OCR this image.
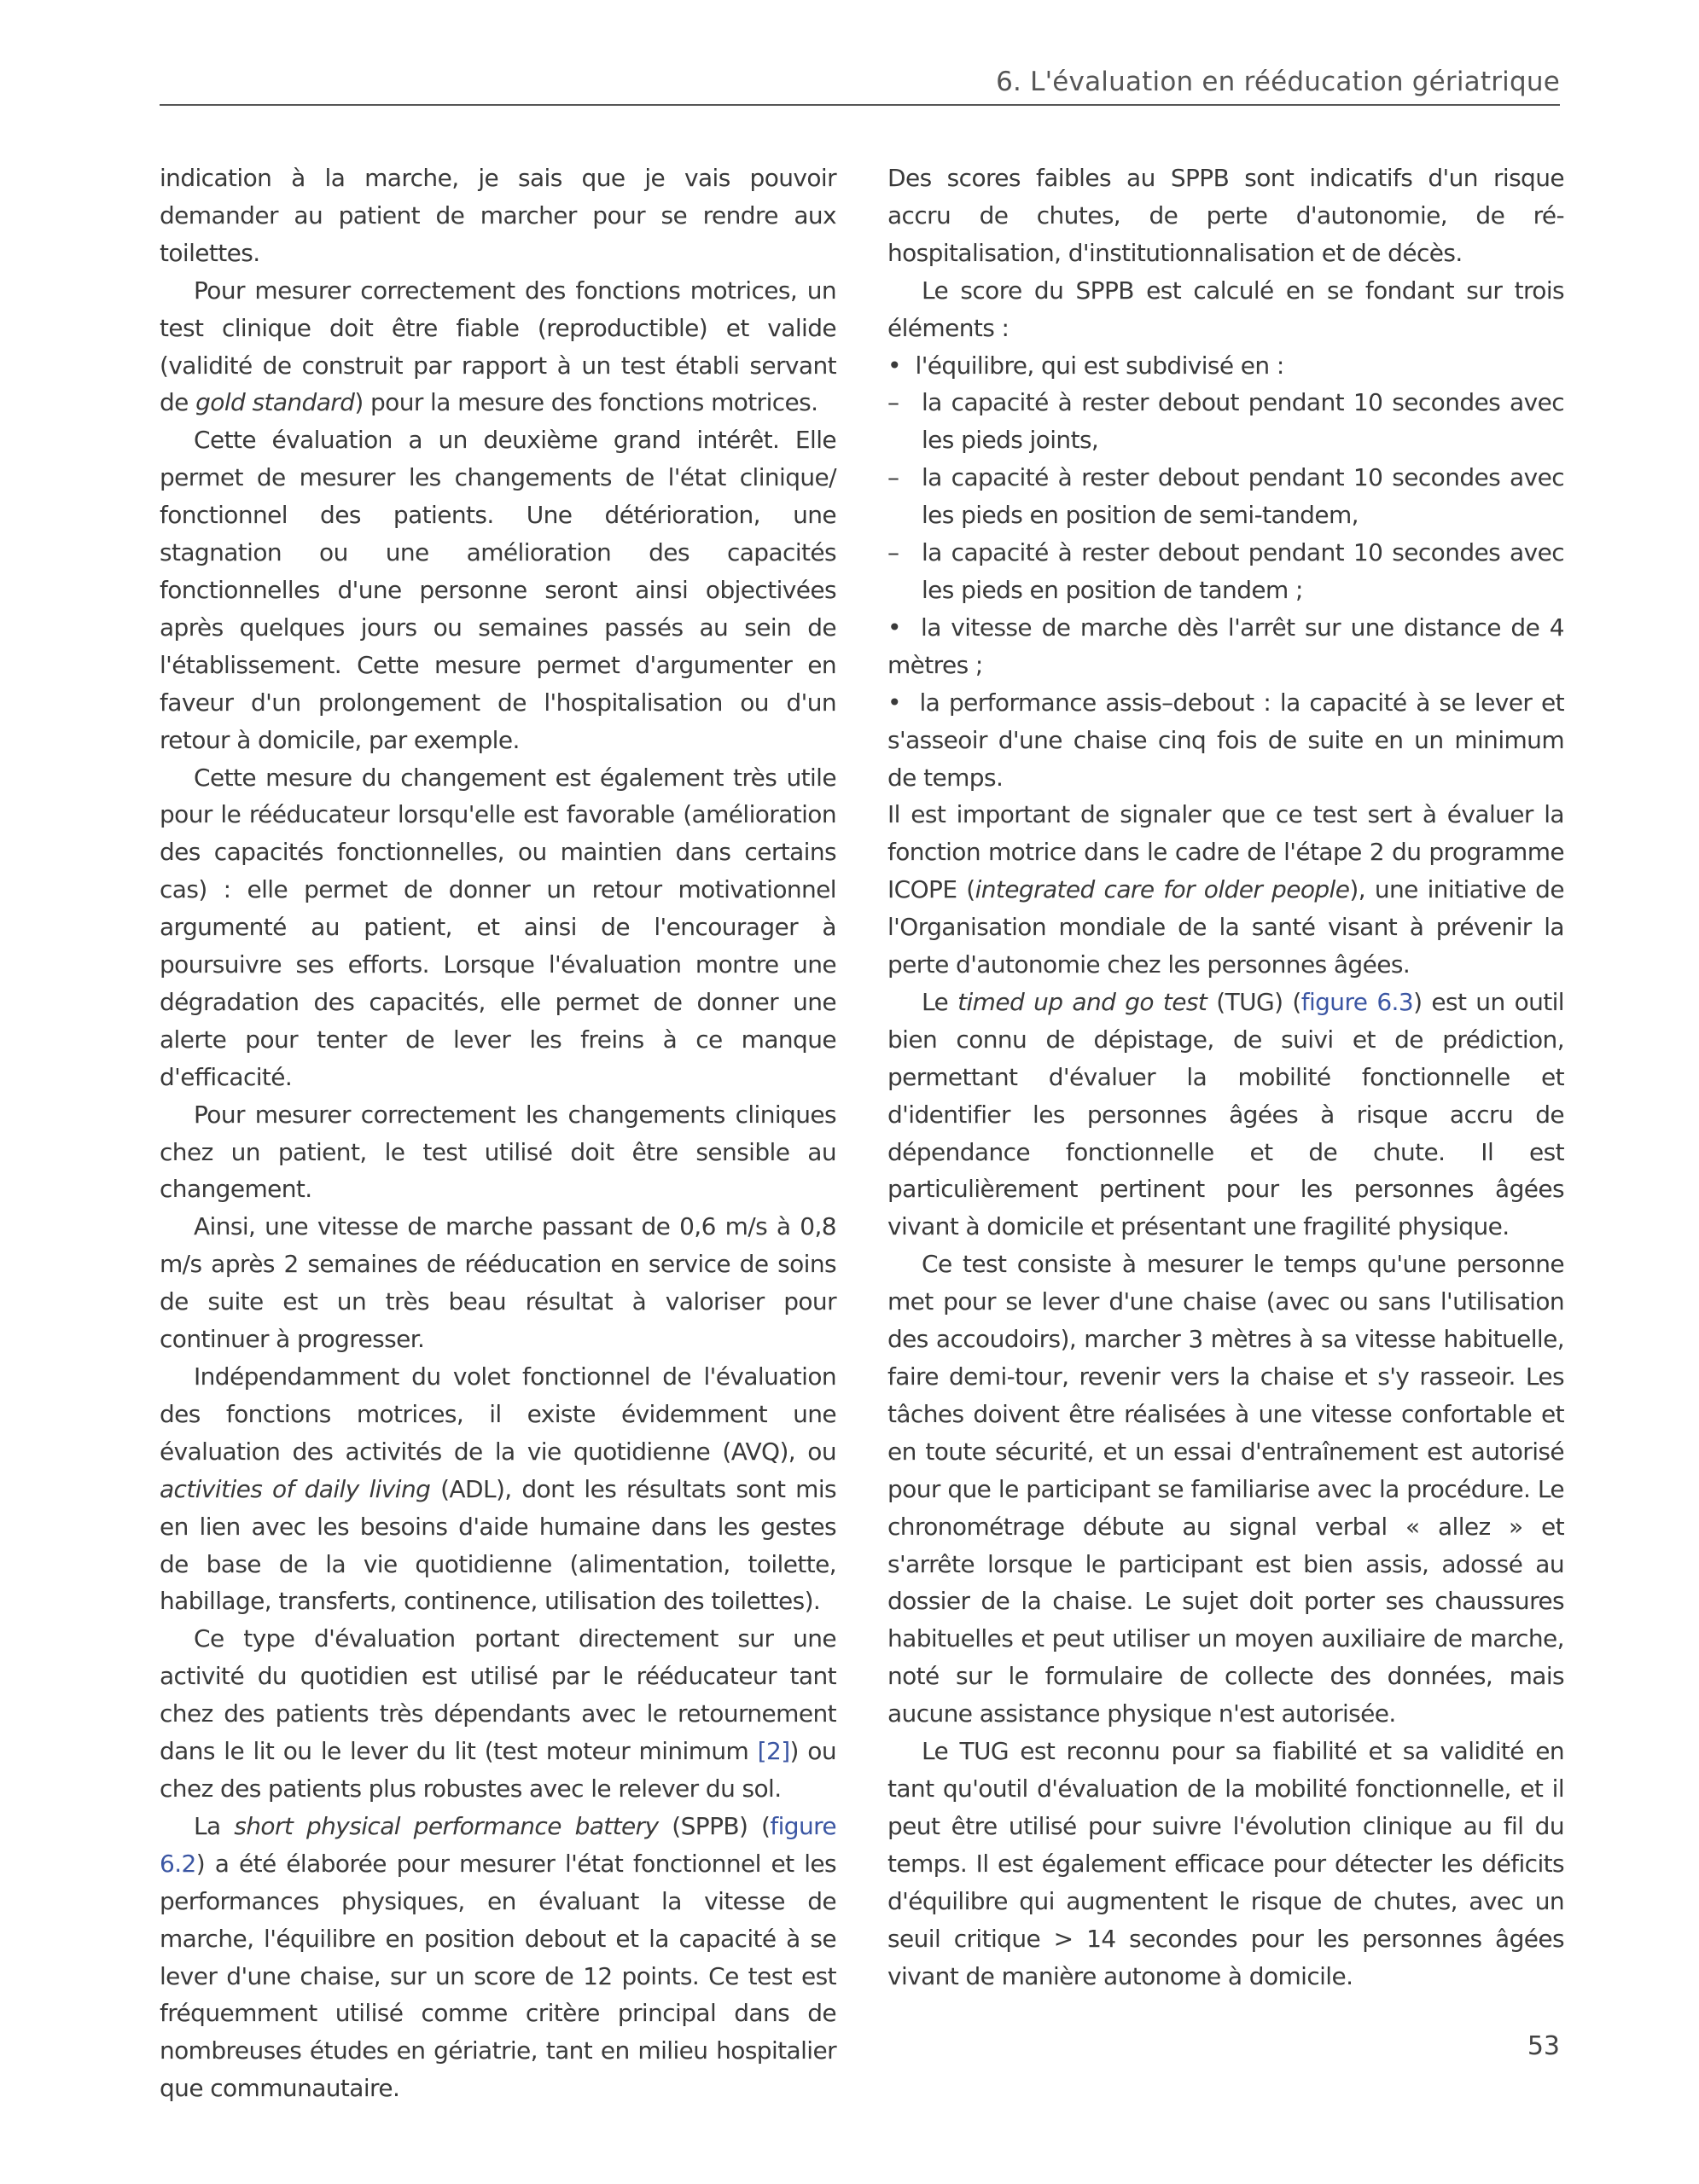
6. L'évaluation en rééducation gériatrique

indication à la marche, je sais que je vais pouvoir demander au patient de marcher pour se rendre aux toilettes.

Pour mesurer correctement des fonctions motrices, un test clinique doit être fiable (reproductible) et valide (validité de construit par rapport à un test établi servant de gold standard) pour la mesure des fonctions motrices.

Cette évaluation a un deuxième grand intérêt. Elle permet de mesurer les changements de l'état clinique/ fonctionnel des patients. Une détérioration, une stagnation ou une amélioration des capacités fonctionnelles d'une personne seront ainsi objectivées après quelques jours ou semaines passés au sein de l'établissement. Cette mesure permet d'argumenter en faveur d'un prolongement de l'hospitalisation ou d'un retour à domicile, par exemple.

Cette mesure du changement est également très utile pour le rééducateur lorsqu'elle est favorable (amélioration des capacités fonctionnelles, ou maintien dans certains cas) : elle permet de donner un retour motivationnel argumenté au patient, et ainsi de l'encourager à poursuivre ses efforts. Lorsque l'évaluation montre une dégradation des capacités, elle permet de donner une alerte pour tenter de lever les freins à ce manque d'efficacité.

Pour mesurer correctement les changements cliniques chez un patient, le test utilisé doit être sensible au changement.

Ainsi, une vitesse de marche passant de 0,6 m/s à 0,8 m/s après 2 semaines de rééducation en service de soins de suite est un très beau résultat à valoriser pour continuer à progresser.

Indépendamment du volet fonctionnel de l'évaluation des fonctions motrices, il existe évidemment une évaluation des activités de la vie quotidienne (AVQ), ou activities of daily living (ADL), dont les résultats sont mis en lien avec les besoins d'aide humaine dans les gestes de base de la vie quotidienne (alimentation, toilette, habillage, transferts, continence, utilisation des toilettes).

Ce type d'évaluation portant directement sur une activité du quotidien est utilisé par le rééducateur tant chez des patients très dépendants avec le retournement dans le lit ou le lever du lit (test moteur minimum [2]) ou chez des patients plus robustes avec le relever du sol.

La short physical performance battery (SPPB) (figure 6.2) a été élaborée pour mesurer l'état fonctionnel et les performances physiques, en évaluant la vitesse de marche, l'équilibre en position debout et la capacité à se lever d'une chaise, sur un score de 12 points. Ce test est fréquemment utilisé comme critère principal dans de nombreuses études en gériatrie, tant en milieu hospitalier que communautaire.

Des scores faibles au SPPB sont indicatifs d'un risque accru de chutes, de perte d'autonomie, de ré-hospitalisation, d'institutionnalisation et de décès.

Le score du SPPB est calculé en se fondant sur trois éléments :

• l'équilibre, qui est subdivisé en :

– la capacité à rester debout pendant 10 secondes avec les pieds joints,

– la capacité à rester debout pendant 10 secondes avec les pieds en position de semi-tandem,

– la capacité à rester debout pendant 10 secondes avec les pieds en position de tandem ;

• la vitesse de marche dès l'arrêt sur une distance de 4 mètres ;

• la performance assis–debout : la capacité à se lever et s'asseoir d'une chaise cinq fois de suite en un minimum de temps.

Il est important de signaler que ce test sert à évaluer la fonction motrice dans le cadre de l'étape 2 du programme ICOPE (integrated care for older people), une initiative de l'Organisation mondiale de la santé visant à prévenir la perte d'autonomie chez les personnes âgées.

Le timed up and go test (TUG) (figure 6.3) est un outil bien connu de dépistage, de suivi et de prédiction, permettant d'évaluer la mobilité fonctionnelle et d'identifier les personnes âgées à risque accru de dépendance fonctionnelle et de chute. Il est particulièrement pertinent pour les personnes âgées vivant à domicile et présentant une fragilité physique.

Ce test consiste à mesurer le temps qu'une personne met pour se lever d'une chaise (avec ou sans l'utilisation des accoudoirs), marcher 3 mètres à sa vitesse habituelle, faire demi-tour, revenir vers la chaise et s'y rasseoir. Les tâches doivent être réalisées à une vitesse confortable et en toute sécurité, et un essai d'entraînement est autorisé pour que le participant se familiarise avec la procédure. Le chronométrage débute au signal verbal « allez » et s'arrête lorsque le participant est bien assis, adossé au dossier de la chaise. Le sujet doit porter ses chaussures habituelles et peut utiliser un moyen auxiliaire de marche, noté sur le formulaire de collecte des données, mais aucune assistance physique n'est autorisée.

Le TUG est reconnu pour sa fiabilité et sa validité en tant qu'outil d'évaluation de la mobilité fonctionnelle, et il peut être utilisé pour suivre l'évolution clinique au fil du temps. Il est également efficace pour détecter les déficits d'équilibre qui augmentent le risque de chutes, avec un seuil critique > 14 secondes pour les personnes âgées vivant de manière autonome à domicile.

53
